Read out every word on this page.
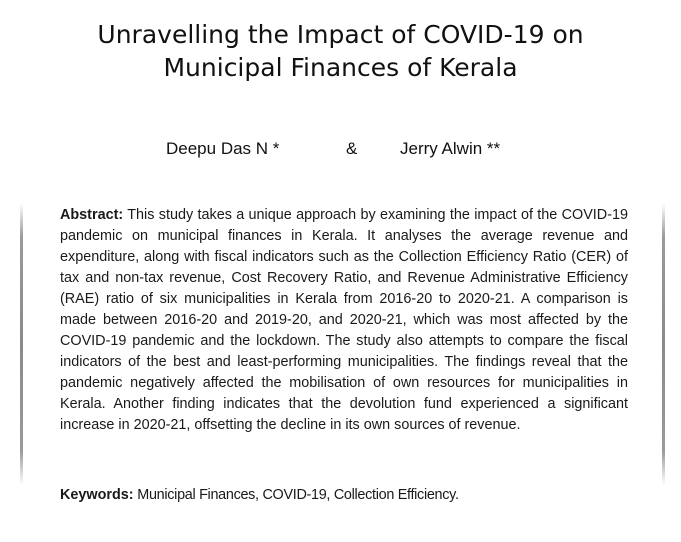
Unravelling the Impact of COVID-19 on
Municipal Finances of Kerala
Deepu Das N *	&	Jerry Alwin **

Abstract: This study takes a unique approach by examining the impact of the COVID-19 pandemic on municipal finances in Kerala. It analyses the average revenue and expenditure, along with fiscal indicators such as the Collection Efficiency Ratio (CER) of tax and non-tax revenue, Cost Recovery Ratio, and Revenue Administrative Efficiency (RAE) ratio of six municipalities in Kerala from 2016-20 to 2020-21. A comparison is made between 2016-20 and 2019-20, and 2020-21, which was most affected by the COVID-19 pandemic and the lockdown. The study also attempts to compare the fiscal indicators of the best and least-performing municipalities. The findings reveal that the pandemic negatively affected the mobilisation of own resources for municipalities in Kerala. Another finding indicates that the devolution fund experienced a significant increase in 2020-21, offsetting the decline in its own sources of revenue.

Keywords: Municipal Finances, COVID-19, Collection Efficiency.
